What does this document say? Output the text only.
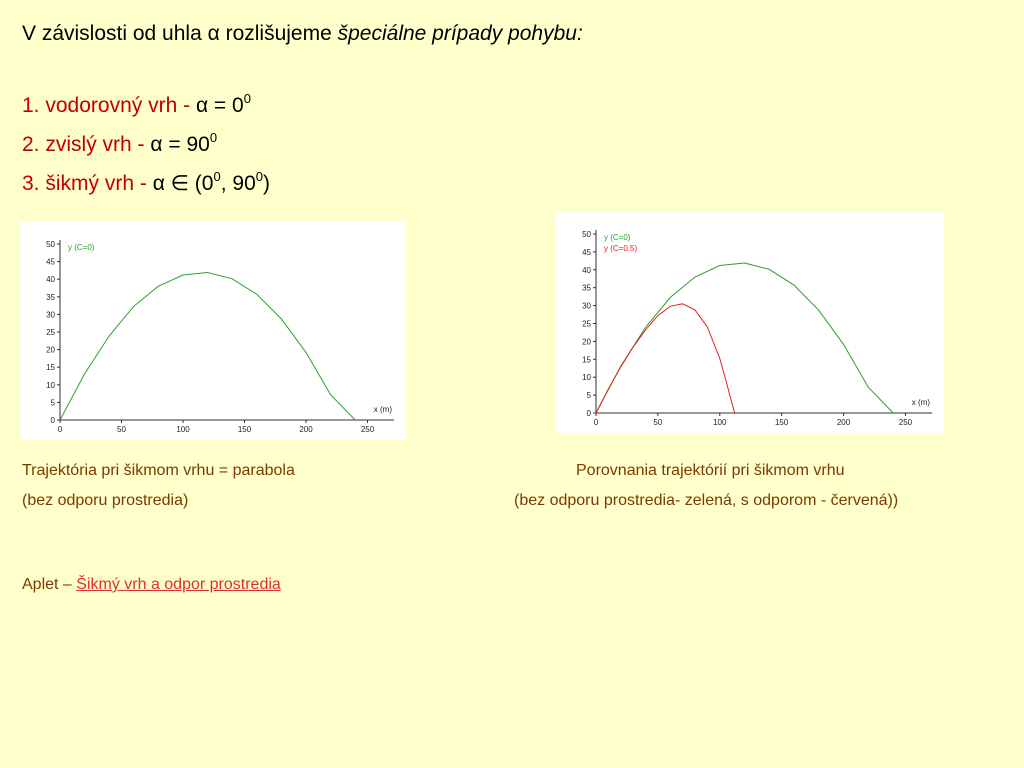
V závislosti od uhla α rozlišujeme špeciálne prípady pohybu:
1. vodorovný vrh - $\alpha = 0^0$
2. zvislý vrh - $\alpha = 90^0$
3. šikmý vrh - α ∈ ($0^0$, $90^0$)
0
5
10
15
20
25
30
35
40
45
50
0	50	100	150	200	250
x (m)
y (C=0)
0
5
10
15
20
25
30
35
40
45
50
0	50	100	150	200	250
x (m)
y (C=0)
y (C=0.5)
Trajektória pri šikmom vrhu = parabola
(bez odporu prostredia)
Porovnania trajektórií pri šikmom vrhu
(bez odporu prostredia- zelená, s odporom - červená))
Aplet – Šikmý vrh a odpor prostredia
